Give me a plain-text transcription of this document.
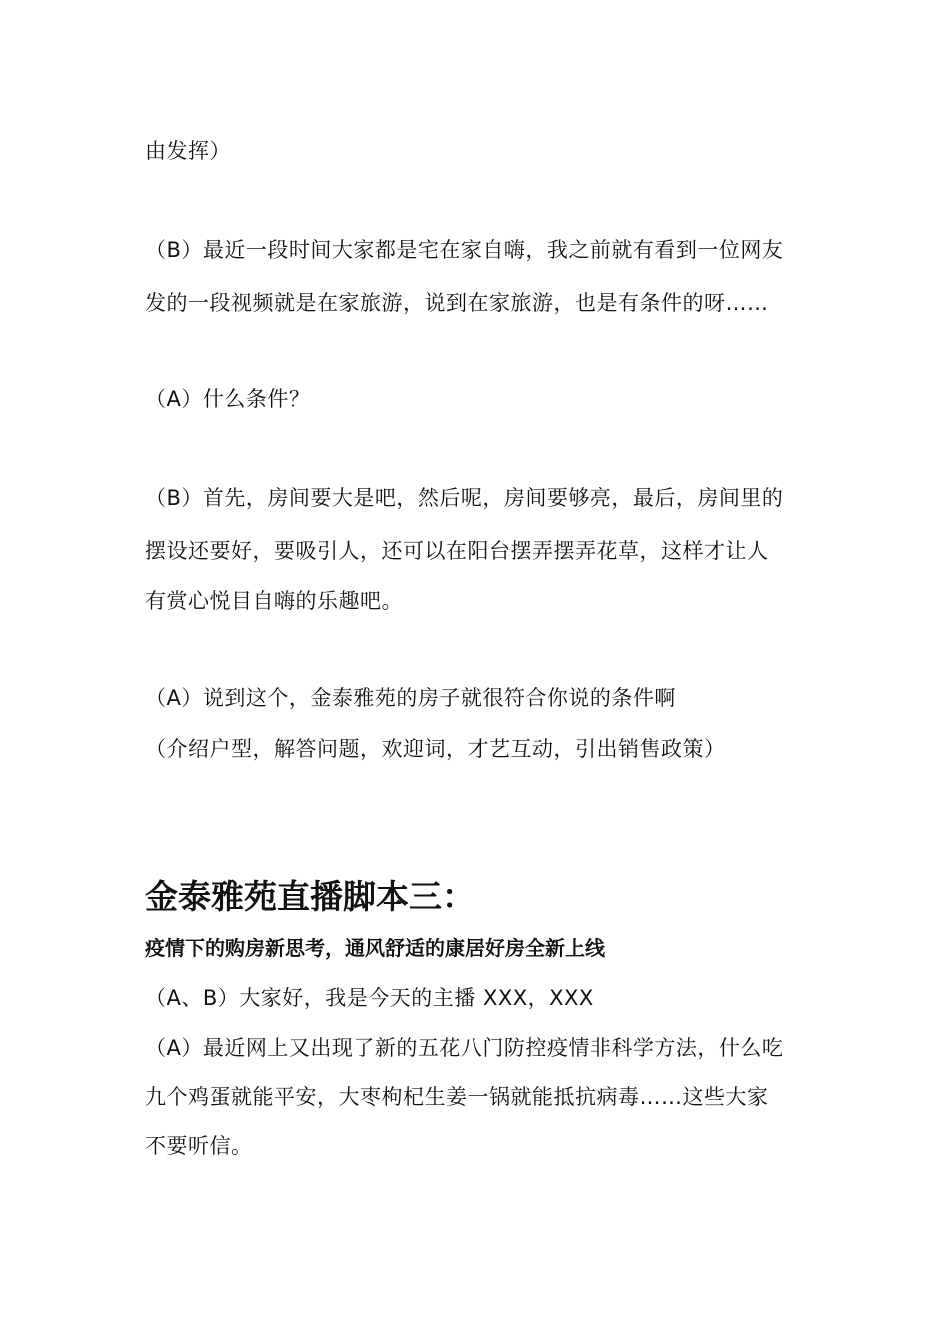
由发挥）
（B）最近一段时间大家都是宅在家自嗨，我之前就有看到一位网友
发的一段视频就是在家旅游，说到在家旅游，也是有条件的呀……
（A）什么条件？
（B）首先，房间要大是吧，然后呢，房间要够亮，最后，房间里的
摆设还要好，要吸引人，还可以在阳台摆弄摆弄花草，这样才让人
有赏心悦目自嗨的乐趣吧。
（A）说到这个，金泰雅苑的房子就很符合你说的条件啊
（介绍户型，解答问题，欢迎词，才艺互动，引出销售政策）
金泰雅苑直播脚本三：
疫情下的购房新思考，通风舒适的康居好房全新上线
（A、B）大家好，我是今天的主播 XXX，XXX
（A）最近网上又出现了新的五花八门防控疫情非科学方法，什么吃
九个鸡蛋就能平安，大枣枸杞生姜一锅就能抵抗病毒……这些大家
不要听信。
